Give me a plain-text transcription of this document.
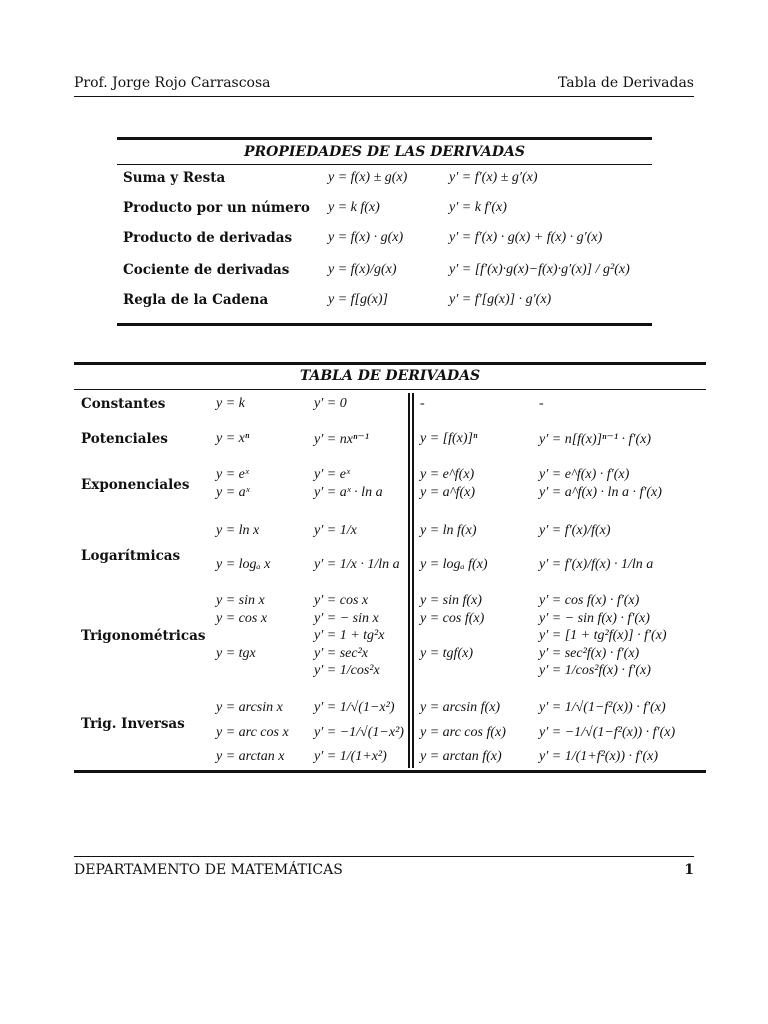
Prof. Jorge Rojo Carrascosa	Tabla de Derivadas
PROPIEDADES DE LAS DERIVADAS
Suma y Resta	y = f(x) ± g(x)	y′ = f′(x) ± g′(x)
Producto por un número y = k f(x)	y′ = k f′(x)
Producto de derivadas	y = f(x) · g(x)	y′ = f′(x) · g(x) + f(x) · g′(x)
Cociente de derivadas	y = f(x)/g(x)	y′ = [f′(x)·g(x)−f(x)·g′(x)] / g²(x)
Regla de la Cadena	y = f[g(x)]	y′ = f′[g(x)] · g′(x)
TABLA DE DERIVADAS
Constantes	y = k	y′ = 0	-	-
Potenciales	y = xⁿ	y′ = nxⁿ⁻¹	y = [f(x)]ⁿ	y′ = n[f(x)]ⁿ⁻¹ · f′(x)
Exponenciales
y = eˣ	y′ = eˣ	y = e^f(x)	y′ = e^f(x) · f′(x)
y = aˣ	y′ = aˣ · ln a	y = a^f(x)	y′ = a^f(x) · ln a · f′(x)
Logarítmicas
y = ln x	y′ = 1/x	y = ln f(x)	y′ = f′(x)/f(x)
y = logₐ x	y′ = 1/x · 1/ln a y = logₐ f(x)	y′ = f′(x)/f(x) · 1/ln a
Trigonométricas
y = sin x	y′ = cos x	y = sin f(x)	y′ = cos f(x) · f′(x)
y = cos x	y′ = − sin x	y = cos f(x)	y′ = − sin f(x) · f′(x)
y′ = 1 + tg²x	y′ = [1 + tg²f(x)] · f′(x)
y = tgx	y′ = sec²x	y = tgf(x)	y′ = sec²f(x) · f′(x)
y′ = 1/cos²x	y′ = 1/cos²f(x) · f′(x)
Trig. Inversas
y = arcsin x y′ = 1/√(1−x²) y = arcsin f(x)	y′ = 1/√(1−f²(x)) · f′(x)
y = arc cos x y′ = −1/√(1−x²) y = arc cos f(x) y′ = −1/√(1−f²(x)) · f′(x)
y = arctan x y′ = 1/(1+x²) y = arctan f(x)	y′ = 1/(1+f²(x)) · f′(x)
DEPARTAMENTO DE MATEMÁTICAS	1
